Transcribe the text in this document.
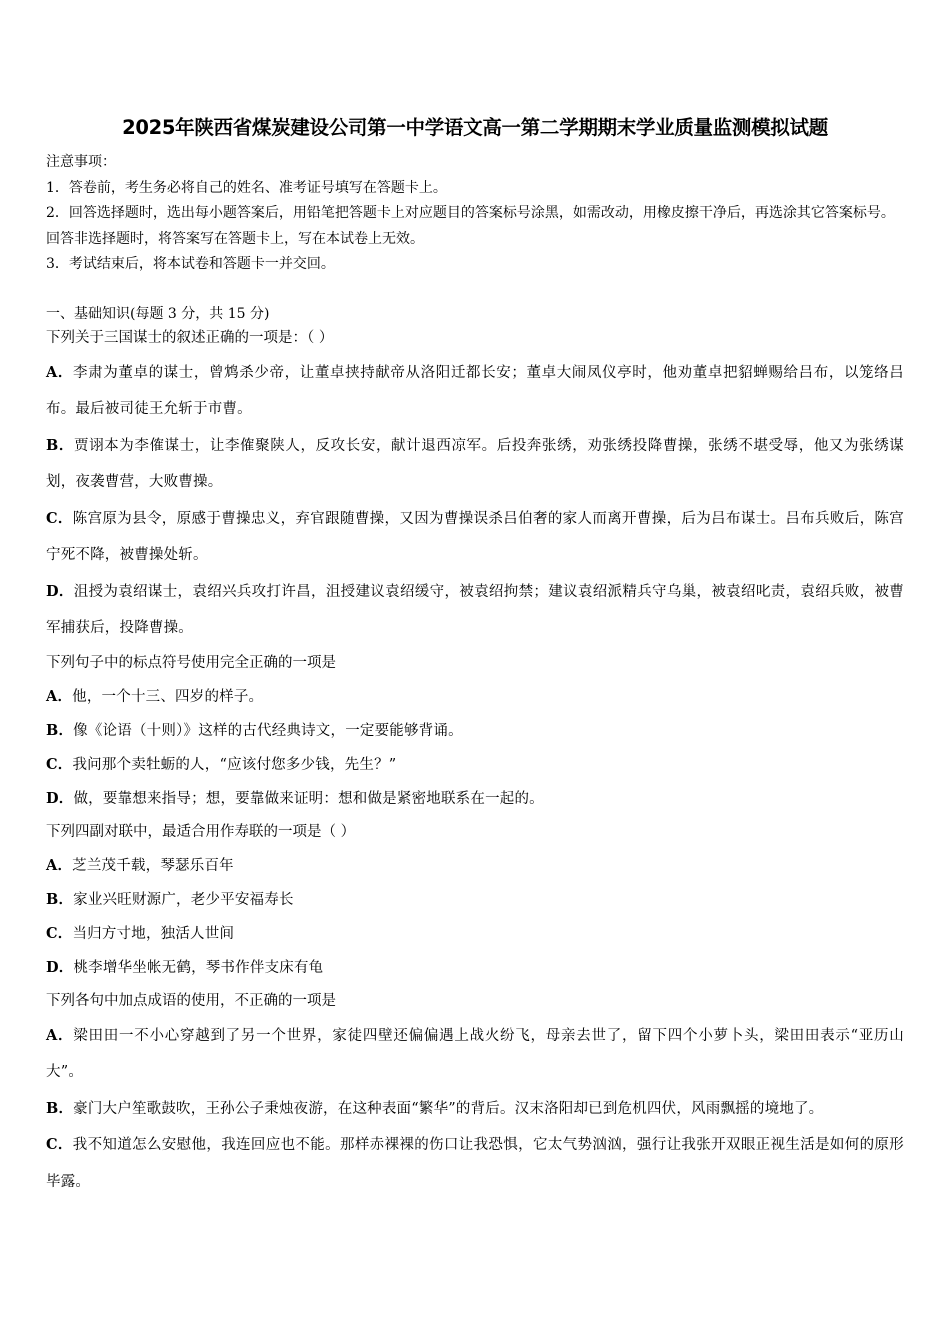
2025年陕西省煤炭建设公司第一中学语文高一第二学期期末学业质量监测模拟试题

注意事项：

1．答卷前，考生务必将自己的姓名、准考证号填写在答题卡上。

2．回答选择题时，选出每小题答案后，用铅笔把答题卡上对应题目的答案标号涂黑，如需改动，用橡皮擦干净后，再选涂其它答案标号。回答非选择题时，将答案写在答题卡上，写在本试卷上无效。

3．考试结束后，将本试卷和答题卡一并交回。

一、基础知识(每题 3 分，共 15 分)

下列关于三国谋士的叙述正确的一项是：（ ）

A．李肃为董卓的谋士，曾鸩杀少帝，让董卓挟持献帝从洛阳迁都长安；董卓大闹凤仪亭时，他劝董卓把貂蝉赐给吕布，以笼络吕布。最后被司徒王允斩于市曹。

B．贾诩本为李傕谋士，让李傕聚陕人，反攻长安，献计退西凉军。后投奔张绣，劝张绣投降曹操，张绣不堪受辱，他又为张绣谋划，夜袭曹营，大败曹操。

C．陈宫原为县令，原感于曹操忠义，弃官跟随曹操，又因为曹操误杀吕伯奢的家人而离开曹操，后为吕布谋士。吕布兵败后，陈宫宁死不降，被曹操处斩。

D．沮授为袁绍谋士，袁绍兴兵攻打许昌，沮授建议袁绍缓守，被袁绍拘禁；建议袁绍派精兵守乌巢，被袁绍叱责，袁绍兵败，被曹军捕获后，投降曹操。

下列句子中的标点符号使用完全正确的一项是

A．他，一个十三、四岁的样子。

B．像《论语（十则）》这样的古代经典诗文，一定要能够背诵。

C．我问那个卖牡蛎的人，“应该付您多少钱，先生？”

D．做，要靠想来指导；想，要靠做来证明：想和做是紧密地联系在一起的。

下列四副对联中，最适合用作寿联的一项是（ ）

A．芝兰茂千载，琴瑟乐百年

B．家业兴旺财源广，老少平安福寿长

C．当归方寸地，独活人世间

D．桃李增华坐帐无鹤，琴书作伴支床有龟

下列各句中加点成语的使用，不正确的一项是

A．梁田田一不小心穿越到了另一个世界，家徒四壁还偏偏遇上战火纷飞，母亲去世了，留下四个小萝卜头，梁田田表示“亚历山大”。

B．豪门大户笙歌鼓吹，王孙公子秉烛夜游，在这种表面“繁华”的背后。汉末洛阳却已到危机四伏，风雨飘摇的境地了。

C．我不知道怎么安慰他，我连回应也不能。那样赤裸裸的伤口让我恐惧，它太气势汹汹，强行让我张开双眼正视生活是如何的原形毕露。
